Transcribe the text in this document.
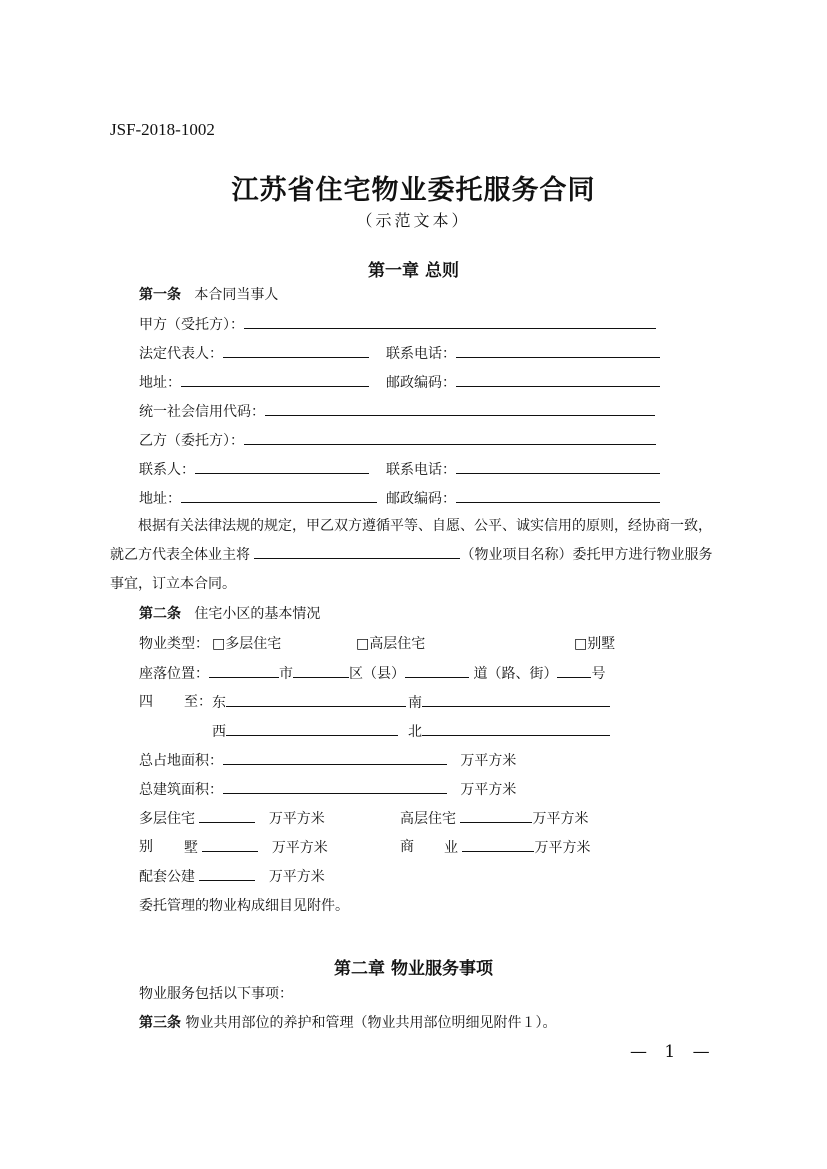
JSF-2018-1002
江苏省住宅物业委托服务合同
（示范文本）
第一章 总则
第一条 本合同当事人
甲方（受托方）：
法定代表人：	联系电话：
地址：	邮政编码：
统一社会信用代码：
乙方（委托方）：
联系人：	联系电话：
地址：	邮政编码：
根据有关法律法规的规定，甲乙双方遵循平等、自愿、公平、诚实信用的原则，经协商一致，就乙方代表全体业主将	（物业项目名称）委托甲方进行物业服务事宜，订立本合同。
第二条 住宅小区的基本情况
物业类型： □多层住宅	□高层住宅	□别墅
座落位置：	市	区（县）	道（路、街） 号
四 至： 东	南
西	北
总占地面积：	万平方米
总建筑面积：	万平方米
多层住宅	万平方米	高层住宅	万平方米
别 墅	万平方米	商 业	万平方米
配套公建	万平方米
委托管理的物业构成细目见附件。
第二章 物业服务事项
物业服务包括以下事项：
第三条 物业共用部位的养护和管理（物业共用部位明细见附件１）。
— 1 —
